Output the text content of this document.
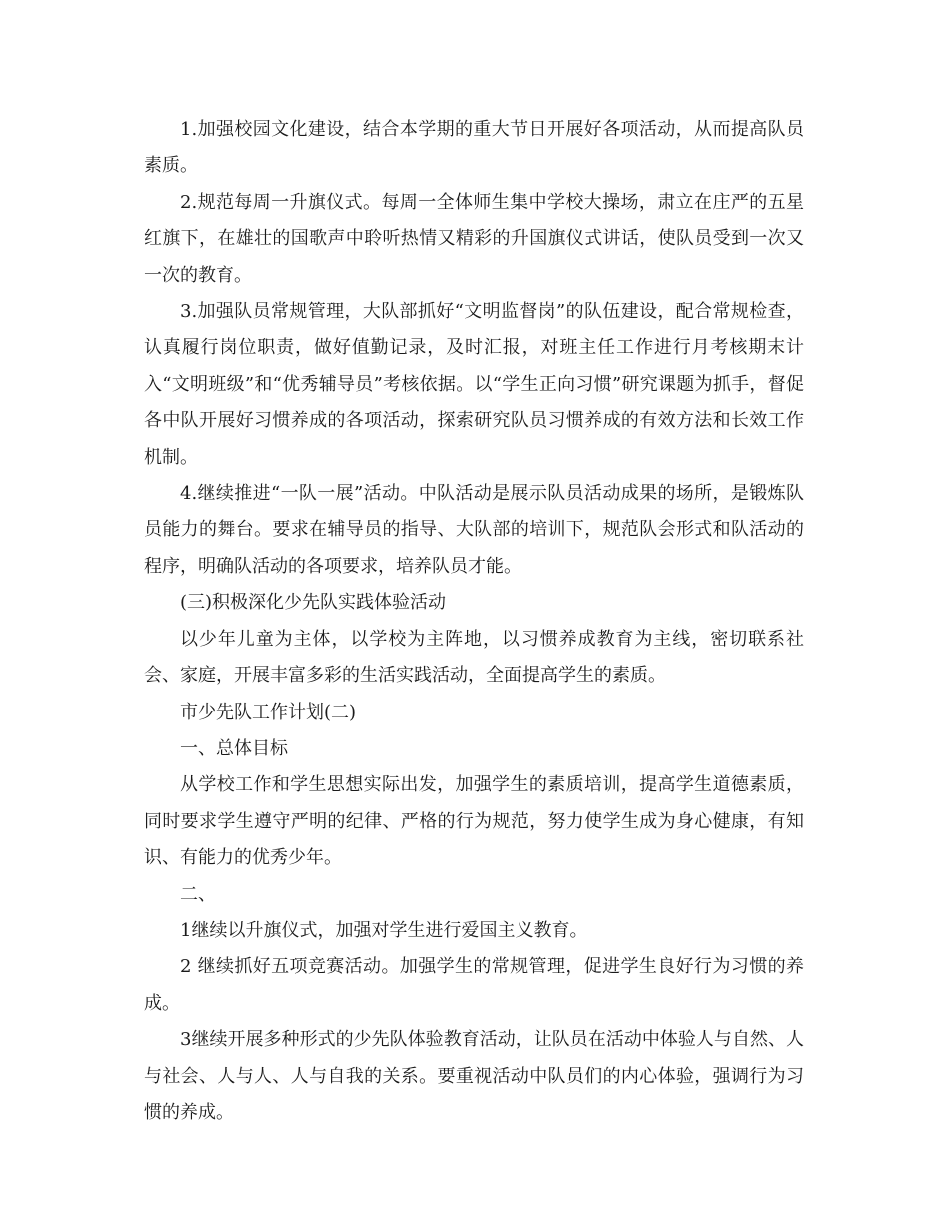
1.加强校园文化建设，结合本学期的重大节日开展好各项活动，从而提高队员素质。

2.规范每周一升旗仪式。每周一全体师生集中学校大操场，肃立在庄严的五星红旗下，在雄壮的国歌声中聆听热情又精彩的升国旗仪式讲话，使队员受到一次又一次的教育。

3.加强队员常规管理，大队部抓好“文明监督岗”的队伍建设，配合常规检查，认真履行岗位职责，做好值勤记录，及时汇报，对班主任工作进行月考核期末计入“文明班级”和“优秀辅导员”考核依据。以“学生正向习惯”研究课题为抓手，督促各中队开展好习惯养成的各项活动，探索研究队员习惯养成的有效方法和长效工作机制。

4.继续推进“一队一展”活动。中队活动是展示队员活动成果的场所，是锻炼队员能力的舞台。要求在辅导员的指导、大队部的培训下，规范队会形式和队活动的程序，明确队活动的各项要求，培养队员才能。

(三)积极深化少先队实践体验活动

以少年儿童为主体，以学校为主阵地，以习惯养成教育为主线，密切联系社会、家庭，开展丰富多彩的生活实践活动，全面提高学生的素质。

市少先队工作计划(二)

一、总体目标

从学校工作和学生思想实际出发，加强学生的素质培训，提高学生道德素质，同时要求学生遵守严明的纪律、严格的行为规范，努力使学生成为身心健康，有知识、有能力的优秀少年。

二、

1继续以升旗仪式，加强对学生进行爱国主义教育。

2 继续抓好五项竞赛活动。加强学生的常规管理，促进学生良好行为习惯的养成。

3继续开展多种形式的少先队体验教育活动，让队员在活动中体验人与自然、人与社会、人与人、人与自我的关系。要重视活动中队员们的内心体验，强调行为习惯的养成。
